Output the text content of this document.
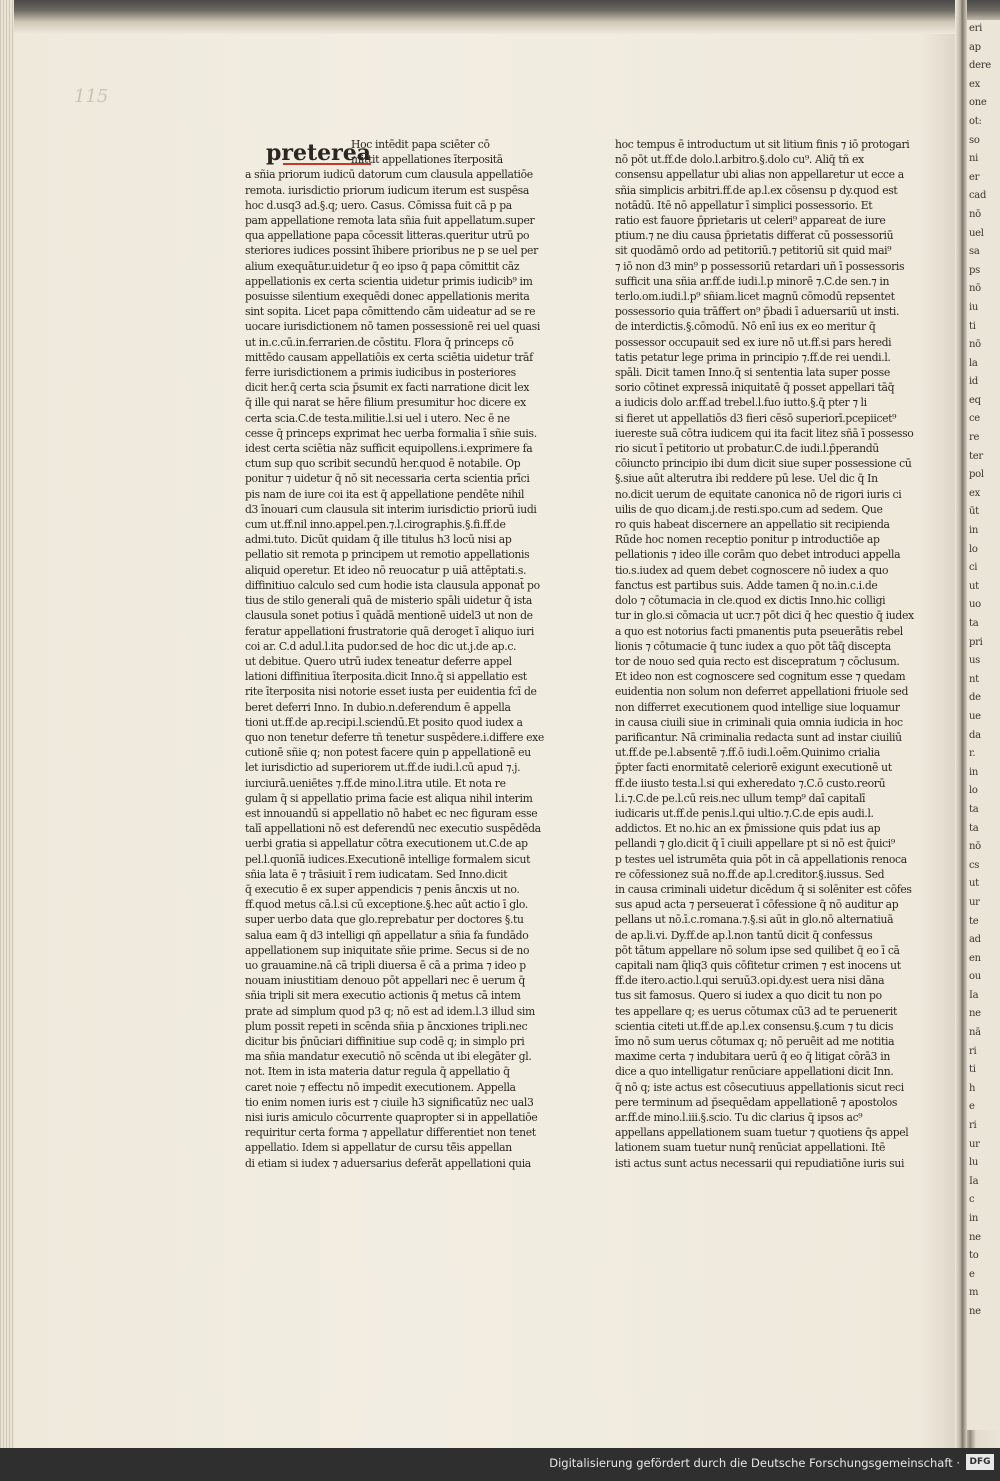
115
Hoc intēdit papa sciēter cō
mittit appellationes īterpositā
a sñia priorum iudicū datorum cum clausula appellatiōe
remota. iurisdictio priorum iudicum iterum est suspēsa
hoc d.usq3 ad.§.q; uero. Casus. Cōmissa fuit cā p pa
pam appellatione remota lata sñia fuit appellatum.super
qua appellatione papa cōcessit litteras.queritur utrū po
steriores iudices possint īhibere prioribus ne p se uel per
alium exequātur.uidetur q̄ eo ipso q̄ papa cōmittit cāz
appellationis ex certa scientia uidetur primis iudicib⁹ im
posuisse silentium exequēdi donec appellationis merita
sint sopita. Licet papa cōmittendo cām uideatur ad se re
uocare iurisdictionem nō tamen possessionē rei uel quasi
ut in.c.cū.in.ferrarien.de cōstitu. Flora q̄ princeps cō
mittēdo causam appellatiōis ex certa sciētia uidetur trāf
ferre iurisdictionem a primis iudicibus in posteriores
dicit her.q̄ certa scia p̄sumit ex facti narratione dicit lex
q̄ ille qui narat se hēre filium presumitur hoc dicere ex
certa scia.C.de testa.militie.l.si uel i utero. Nec ē ne
cesse q̄ princeps exprimat hec uerba formalia ī sñie suis.
idest certa sciētia nāz sufficit equipollens.i.exprimere fa
ctum sup quo scribit secundū her.quod ē notabile. Op
ponitur ⁊ uidetur q̄ nō sit necessaria certa scientia prīci
pis nam de iure coi ita est q̄ appellatione pendēte nihil
d3 īnouari cum clausula sit interim iurisdictio priorū iudi
cum ut.ff.nil inno.appel.pen.⁊.l.cirographis.§.fi.ff.de
admi.tuto. Dicūt quidam q̄ ille titulus h3 locū nisi ap
pellatio sit remota p principem ut remotio appellationis
aliquid operetur. Et ideo nō reuocatur p uiā attēptati.s.
diffinitiuo calculo sed cum hodie ista clausula apponat̄ po
tius de stilo generali quā de misterio spāli uidetur q̄ ista
clausula sonet potius ī quādā mentionē uidel3 ut non de
feratur appellationi frustratorie quā deroget ī aliquo iuri
coi ar. C.d adul.l.ita pudor.sed de hoc dic ut.j.de ap.c.
ut debitue. Quero utrū iudex teneatur deferre appel
lationi diffinitiua īterposita.dicit Inno.q̄ si appellatio est
rite īterposita nisi notorie esset iusta per euidentia fcī de
beret deferri Inno. In dubio.n.deferendum ē appella
tioni ut.ff.de ap.recipi.l.sciendū.Et posito quod iudex a
quo non tenetur deferre tñ tenetur suspēdere.i.differe exe
cutionē sñie q; non potest facere quin p appellationē eu
let iurisdictio ad superiorem ut.ff.de iudi.l.cū apud ⁊.j.
iurciurā.ueniētes ⁊.ff.de mino.l.itra utile. Et nota re
gulam q̄ si appellatio prima facie est aliqua nihil interim
est innouandū si appellatio nō habet ec nec figuram esse
talī appellationi nō est deferendū nec executio suspēdēda
uerbi gratia si appellatur cōtra executionem ut.C.de ap
pel.l.quonīā iudices.Executionē intellige formalem sicut
sñia lata ē ⁊ trāsiuit ī rem iudicatam. Sed Inno.dicit
q̄ executio ē ex super appendicis ⁊ penis āncxis ut no.
ff.quod metus cā.l.si cū exceptione.§.hec aūt actio ī glo.
super uerbo data que glo.reprebatur per doctores §.tu
salua eam q̄ d3 intelligi qñ appellatur a sñia fa fundādo
appellationem sup iniquitate sñie prime. Secus si de no
uo grauamine.nā cā tripli diuersa ē cā a prima ⁊ ideo p
nouam iniustitiam denouo pōt appellari nec ē uerum q̄
sñia tripli sit mera executio actionis q̄ metus cā intem
prate ad simplum quod p3 q; nō est ad idem.l.3 illud sim
plum possit repeti in scēnda sñia p āncxiones tripli.nec
dicitur bis p̄nūciari diffinitiue sup codē q; in simplo pri
ma sñia mandatur executiō nō scēnda ut ibi elegāter gl.
not. Item in ista materia datur regula q̄ appellatio q̄
caret noie ⁊ effectu nō impedit executionem. Appella
tio enim nomen iuris est ⁊ ciuile h3 significatūz nec ual3
nisi iuris amiculo cōcurrente quapropter si in appellatiōe
requiritur certa forma ⁊ appellatur differentiet non tenet
appellatio. Idem si appellatur de cursu tē̄is appellan
di etiam si iudex ⁊ aduersarius deferāt appellationi quia
hoc tempus ē introductum ut sit litium finis ⁊ iō protogari
nō pōt ut.ff.de dolo.l.arbitro.§.dolo cu⁹. Aliq̄ tñ ex
consensu appellatur ubi alias non appellaretur ut ecce a
sñia simplicis arbitri.ff.de ap.l.ex cōsensu p dy.quod est
notādū. Itē nō appellatur ī simplici possessorio. Et
ratio est fauore p̄prietaris ut celeri⁹ appareat de iure
ptium.⁊ ne diu causa p̄prietatis differat cū possessoriū
sit quodāmō ordo ad petitoriū.⁊ petitoriū sit quid mai⁹
⁊ iō non d3 min⁹ p possessoriū retardari uñ ī possessoris
sufficit una sñia ar.ff.de iudi.l.p minorē ⁊.C.de sen.⁊ in
terlo.om.iudi.l.p⁹ sñiam.licet magnū cōmodū repsentet
possessorio quia trāffert on⁹ p̄badi ī aduersariū ut insti.
de interdictis.§.cōmodū. Nō enī ius ex eo meritur q̄
possessor occupauit sed ex iure nō ut.ff.si pars heredi
tatis petatur lege prima in principio ⁊.ff.de rei uendi.l.
spāli. Dicit tamen Inno.q̄ si sententia lata super posse
sorio cōtinet expressā iniquitatē q̄ posset appellari tāq̄
a iudicis dolo ar.ff.ad trebel.l.fuo iutto.§.q̄ pter ⁊ li
si fieret ut appellatiōs d3 fieri cēsō superiorī.pcepiicet⁹
iuereste suā cōtra iudicem qui ita facit litez sñā ī possesso
rio sicut ī petitorio ut probatur.C.de iudi.l.p̄perandū
cōiuncto principio ibi dum dicit siue super possessione cū
§.siue aūt alterutra ibi reddere pū lese. Uel dic q̄ In
no.dicit uerum de equitate canonica nō de rigori iuris ci
uilis de quo dicam.j.de resti.spo.cum ad sedem. Que
ro quis habeat discernere an appellatio sit recipienda
Rūde hoc nomen receptio ponitur p introductiōe ap
pellationis ⁊ ideo ille corām quo debet introduci appella
tio.s.iudex ad quem debet cognoscere nō iudex a quo
fanctus est partibus suis. Adde tamen q̄ no.in.c.i.de
dolo ⁊ cōtumacia in cle.quod ex dictis Inno.hic colligi
tur in glo.si cōmacia ut ucr.⁊ pōt dici q̄ hec questio q̄ iudex
a quo est notorius facti pmanentis puta pseuerātis rebel
lionis ⁊ cōtumacie q̄ tunc iudex a quo pōt tāq̄ discepta
tor de nouo sed quia recto est discepratum ⁊ cōclusum.
Et ideo non est cognoscere sed cognitum esse ⁊ quedam
euidentia non solum non deferret appellationi friuole sed
non differret executionem quod intellige siue loquamur
in causa ciuili siue in criminali quia omnia iudicia in hoc
parificantur. Nā criminalia redacta sunt ad instar ciuiliū
ut.ff.de pe.l.absentē ⁊.ff.ō iudi.l.oēm.Quinimo crialia
p̄pter facti enormitatē celeriorē exigunt executionē ut
ff.de iiusto testa.l.si qui exheredato ⁊.C.ō custo.reorū
l.i.⁊.C.de pe.l.cū reis.nec ullum temp⁹ daī capitalī
iudicaris ut.ff.de penis.l.qui ultio.⁊.C.de epis audi.l.
addictos. Et no.hic an ex p̄missione quis pdat ius ap
pellandi ⁊ glo.dicit q̄ ī ciuili appellare pt si nō est q̄uici⁹
p testes uel istrumēta quia pōt in cā appellationis renoca
re cōfessionez suā no.ff.de ap.l.creditor.§.iussus. Sed
in causa criminali uidetur dicēdum q̄ si solēniter est cōfes
sus apud acta ⁊ perseuerat ī cōfessione q̄ nō auditur ap
pellans ut nō.ī.c.romana.⁊.§.si aūt in glo.nō alternatiuā
de ap.li.vi. Dy.ff.de ap.l.non tantū dicit q̄ confessus
pōt tātum appellare nō solum ipse sed quilibet q̄ eo ī cā
capitali nam q̄liq3 quis cōfitetur crimen ⁊ est inocens ut
ff.de itero.actio.l.qui seruū3.opi.dy.est uera nisi dāna
tus sit famosus. Quero si iudex a quo dicit tu non po
tes appellare q; es uerus cōtumax cū3 ad te peruenerit
scientia citeti ut.ff.de ap.l.ex consensu.§.cum ⁊ tu dicis
īmo nō sum uerus cōtumax q; nō peruēit ad me notitia
maxime certa ⁊ indubitara uerū q̄ eo q̄ litigat cōrā3 in
dice a quo intelligatur renūciare appellationi dicit Inn.
q̄ nō q; iste actus est cōsecutiuus appellationis sicut reci
pere terminum ad p̄sequēdam appellationē ⁊ apostolos
ar.ff.de mino.l.iii.§.scio. Tu dic clarius q̄ ipsos ac⁹
appellans appellationem suam tuetur ⁊ quotiens q̄s appel
lationem suam tuetur nunq̄ renūciat appellationi. Itē
isti actus sunt actus necessarii qui repudiatiōne iuris sui
eri
ap
dere
ex
one
ot:
so
ni
er
cad
nō
uel
sa
ps
nō
iu
ti
nō
la
id
eq
ce
re
ter
pol
ex
ūt
in
lo
ci
ut
uo
ta
pri
us
nt
de
ue
da
r.
in
lo
ta
ta
nō
cs
ut
ur
te
ad
en
ou
Ia
ne
nā
ri
ti
h
e
ri
ur
lu
Ia
c
in
ne
to
e
m
ne
Digitalisierung gefördert durch die Deutsche Forschungsgemeinschaft ·	DFG
preterea
